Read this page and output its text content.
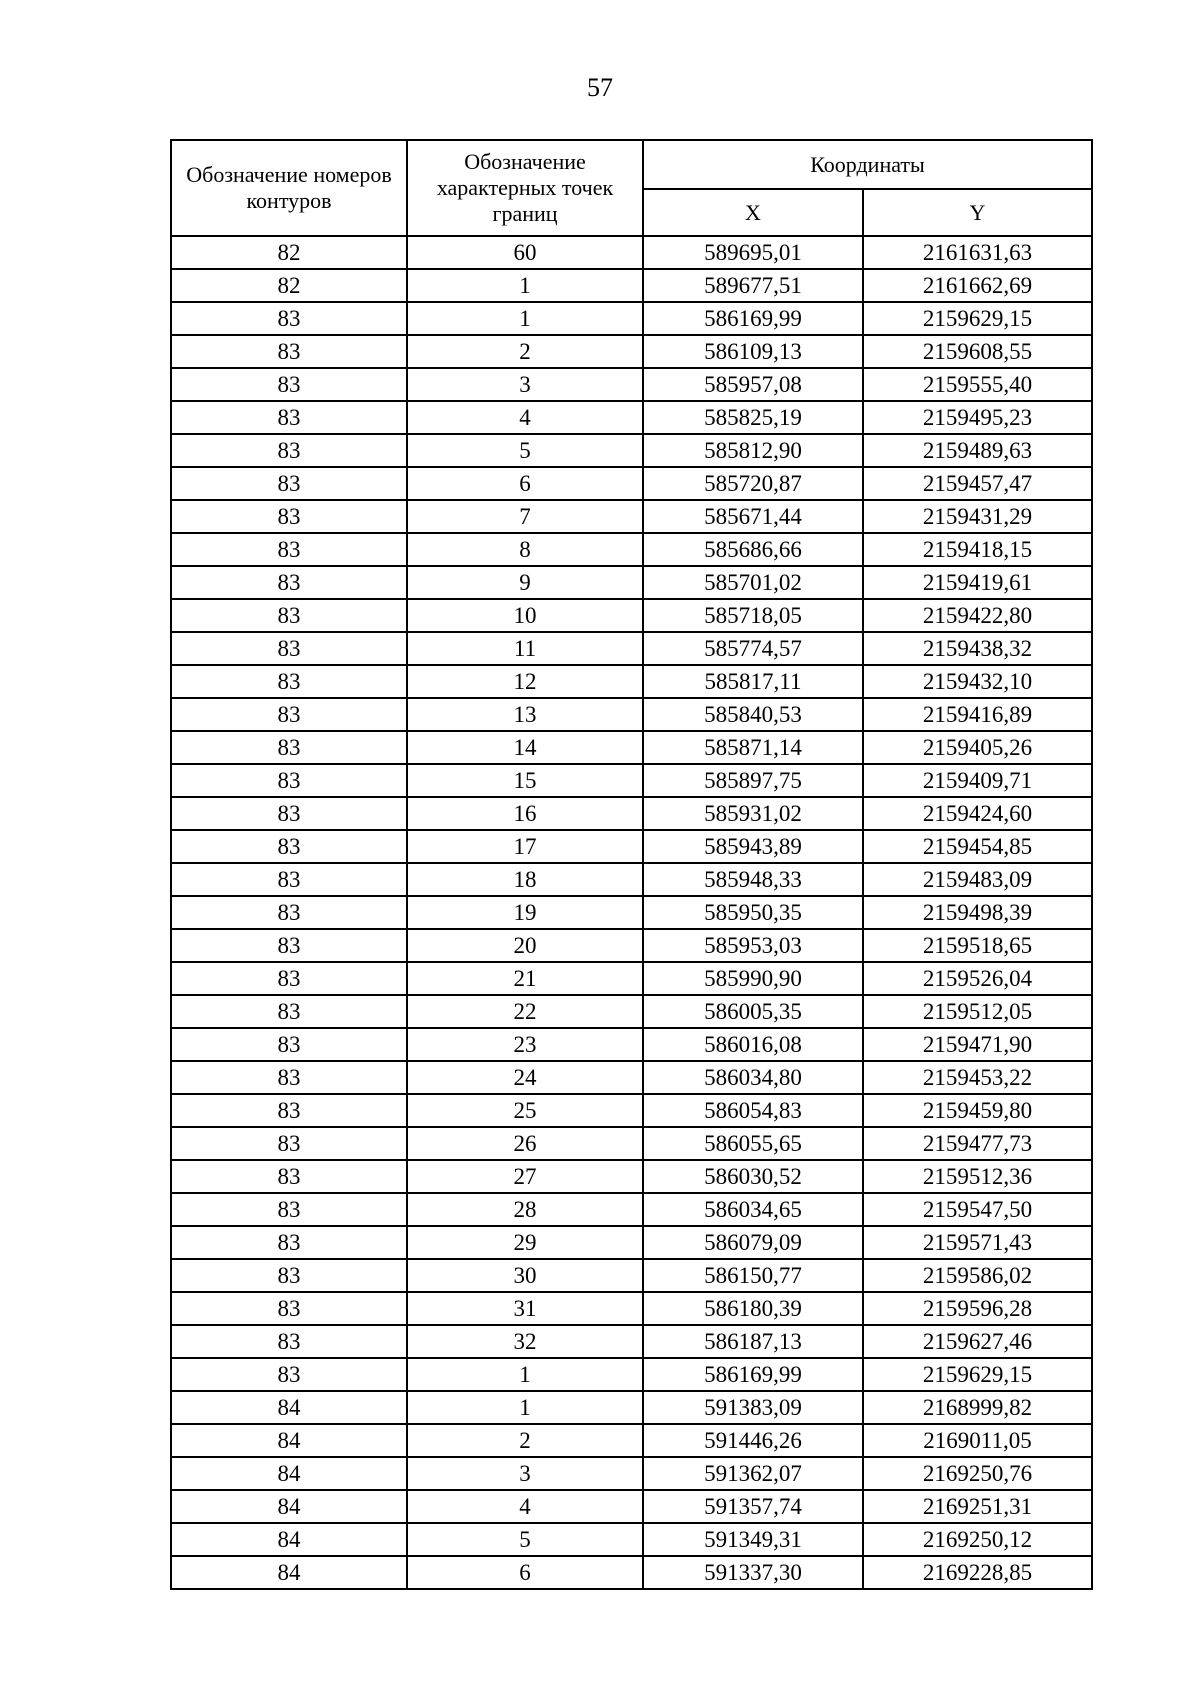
57
Обозначение номеров контуров	Обозначение характерных точек границ	Координаты	
		X	Y
82	60	589695,01	2161631,63
82	1	589677,51	2161662,69
83	1	586169,99	2159629,15
83	2	586109,13	2159608,55
83	3	585957,08	2159555,40
83	4	585825,19	2159495,23
83	5	585812,90	2159489,63
83	6	585720,87	2159457,47
83	7	585671,44	2159431,29
83	8	585686,66	2159418,15
83	9	585701,02	2159419,61
83	10	585718,05	2159422,80
83	11	585774,57	2159438,32
83	12	585817,11	2159432,10
83	13	585840,53	2159416,89
83	14	585871,14	2159405,26
83	15	585897,75	2159409,71
83	16	585931,02	2159424,60
83	17	585943,89	2159454,85
83	18	585948,33	2159483,09
83	19	585950,35	2159498,39
83	20	585953,03	2159518,65
83	21	585990,90	2159526,04
83	22	586005,35	2159512,05
83	23	586016,08	2159471,90
83	24	586034,80	2159453,22
83	25	586054,83	2159459,80
83	26	586055,65	2159477,73
83	27	586030,52	2159512,36
83	28	586034,65	2159547,50
83	29	586079,09	2159571,43
83	30	586150,77	2159586,02
83	31	586180,39	2159596,28
83	32	586187,13	2159627,46
83	1	586169,99	2159629,15
84	1	591383,09	2168999,82
84	2	591446,26	2169011,05
84	3	591362,07	2169250,76
84	4	591357,74	2169251,31
84	5	591349,31	2169250,12
84	6	591337,30	2169228,85
